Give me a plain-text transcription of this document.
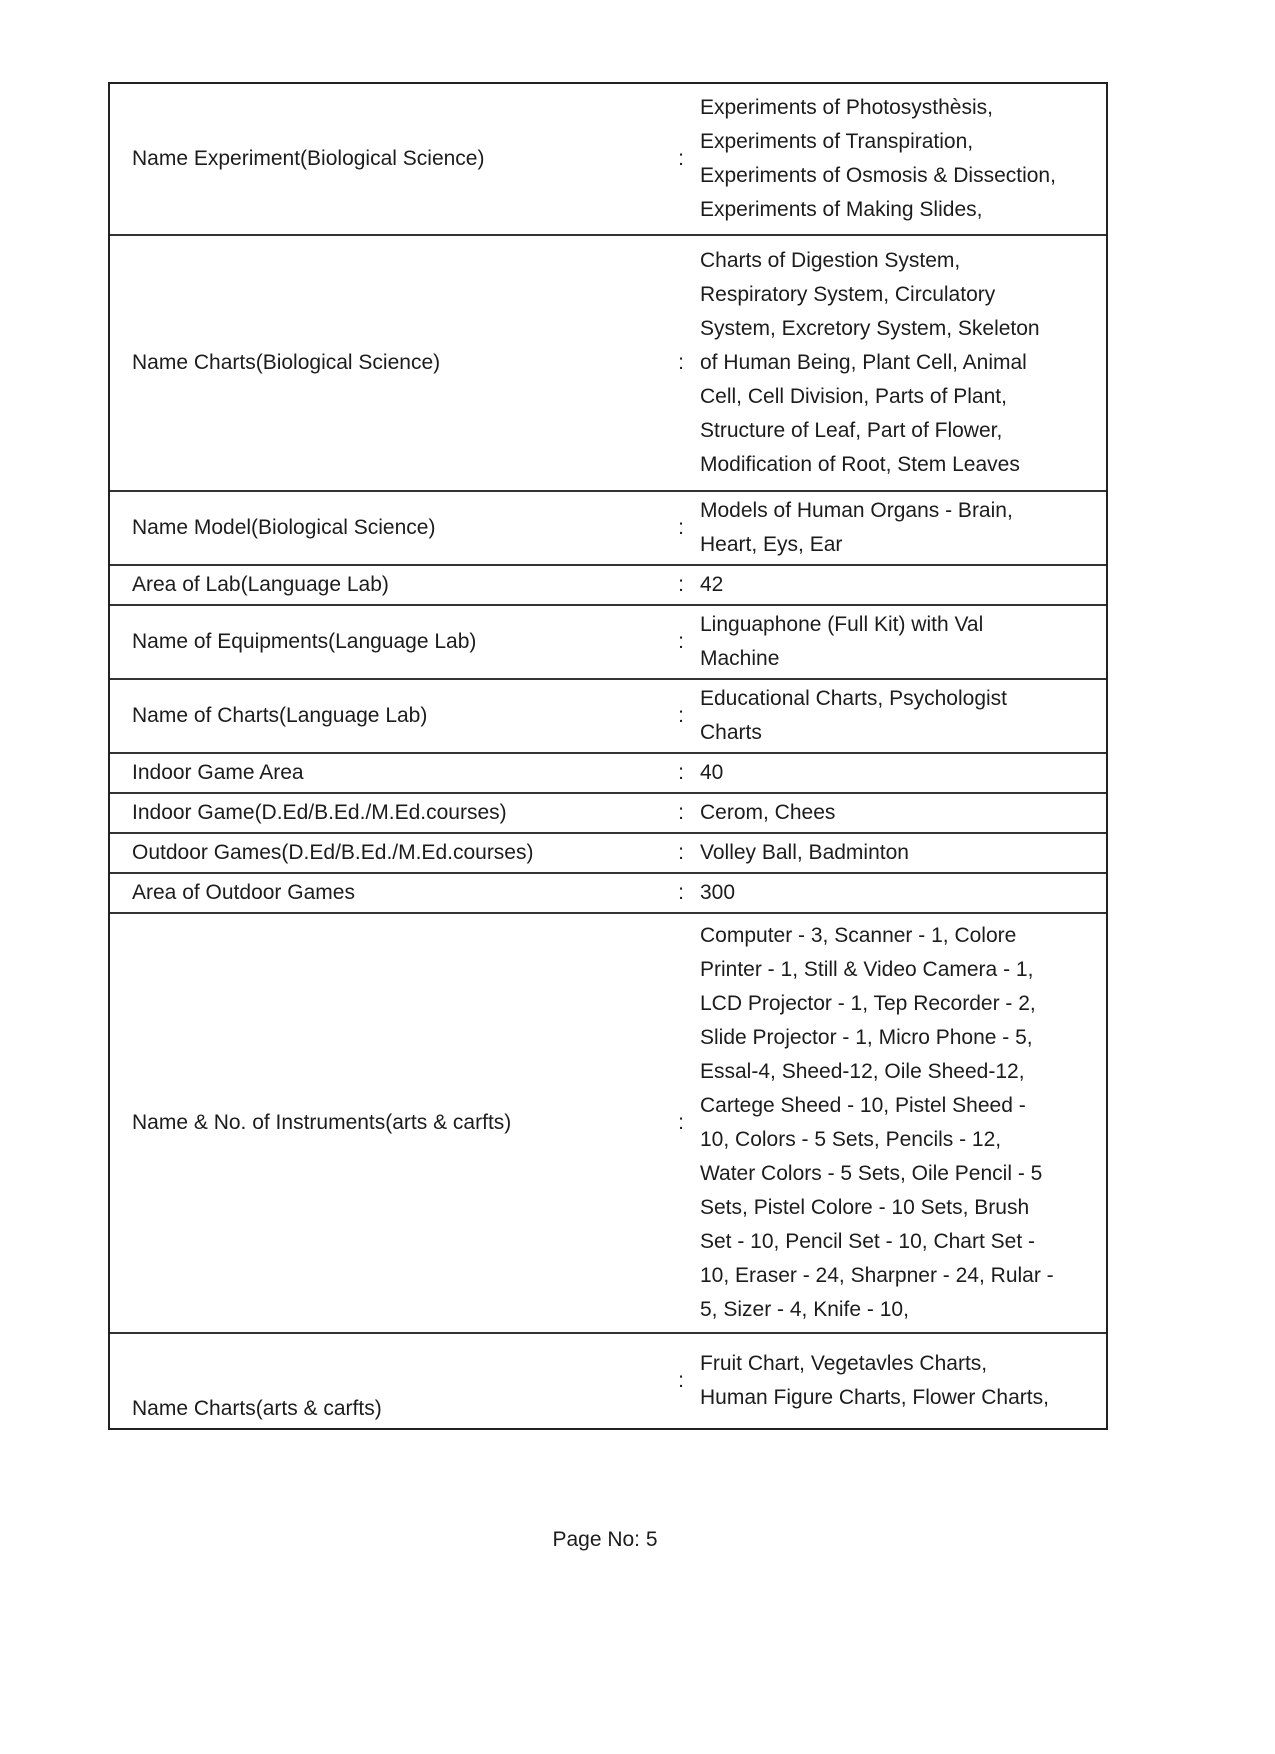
Name Experiment(Biological Science)	:
Experiments of Photosysthèsis,
Experiments of Transpiration,
Experiments of Osmosis & Dissection,
Experiments of Making Slides,
Name Charts(Biological Science)	:
Charts of Digestion System,
Respiratory System, Circulatory
System, Excretory System, Skeleton
of Human Being, Plant Cell, Animal
Cell, Cell Division, Parts of Plant,
Structure of Leaf, Part of Flower,
Modification of Root, Stem Leaves
Name Model(Biological Science)	:
Models of Human Organs - Brain,
Heart, Eys, Ear
Area of Lab(Language Lab)	: 42
Name of Equipments(Language Lab)	:
Linguaphone (Full Kit) with Val
Machine
Name of Charts(Language Lab)	:
Educational Charts, Psychologist
Charts
Indoor Game Area	: 40
Indoor Game(D.Ed/B.Ed./M.Ed.courses)	: Cerom, Chees
Outdoor Games(D.Ed/B.Ed./M.Ed.courses)	: Volley Ball, Badminton
Area of Outdoor Games	: 300
Name & No. of Instruments(arts & carfts)	:
Computer - 3, Scanner - 1, Colore
Printer - 1, Still & Video Camera - 1,
LCD Projector - 1, Tep Recorder - 2,
Slide Projector - 1, Micro Phone - 5,
Essal-4, Sheed-12, Oile Sheed-12,
Cartege Sheed - 10, Pistel Sheed -
10, Colors - 5 Sets, Pencils - 12,
Water Colors - 5 Sets, Oile Pencil - 5
Sets, Pistel Colore - 10 Sets, Brush
Set - 10, Pencil Set - 10, Chart Set -
10, Eraser - 24, Sharpner - 24, Rular -
5, Sizer - 4, Knife - 10,
Name Charts(arts & carfts)
:
Fruit Chart, Vegetavles Charts,
Human Figure Charts, Flower Charts,
Page No: 5
